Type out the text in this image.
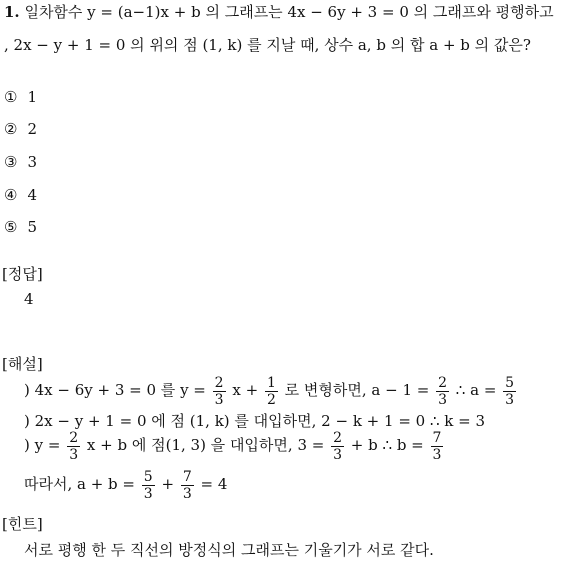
1. 일차함수 y = (a−1)x + b 의 그래프는 4x − 6y + 3 = 0 의 그래프와 평행하고
, 2x − y + 1 = 0 의 위의 점 (1, k) 를 지날 때, 상수 a, b 의 합 a + b 의 값은?
① 1
② 2
③ 3
④ 4
⑤ 5
[정답]
4
[해설]
) 4x − 6y + 3 = 0 를 $y = \frac{2}{3}$ $x + \frac{1}{2}$ 로 변형하면, $a - 1 = \frac{2}{3}$ ∴ $a = \frac{5}{3}$
) 2x − y + 1 = 0 에 점 (1, k) 를 대입하면, 2 − k + 1 = 0 ∴ k = 3
) $y = \frac{2}{3}$ x + b 에 점(1, 3) 을 대입하면, $3 = \frac{2}{3} + b$ ∴ $b = \frac{7}{3}$
따라서, $a + b = \frac{5}{3} + \frac{7}{3} = 4$
[힌트]
서로 평행 한 두 직선의 방정식의 그래프는 기울기가 서로 같다.
